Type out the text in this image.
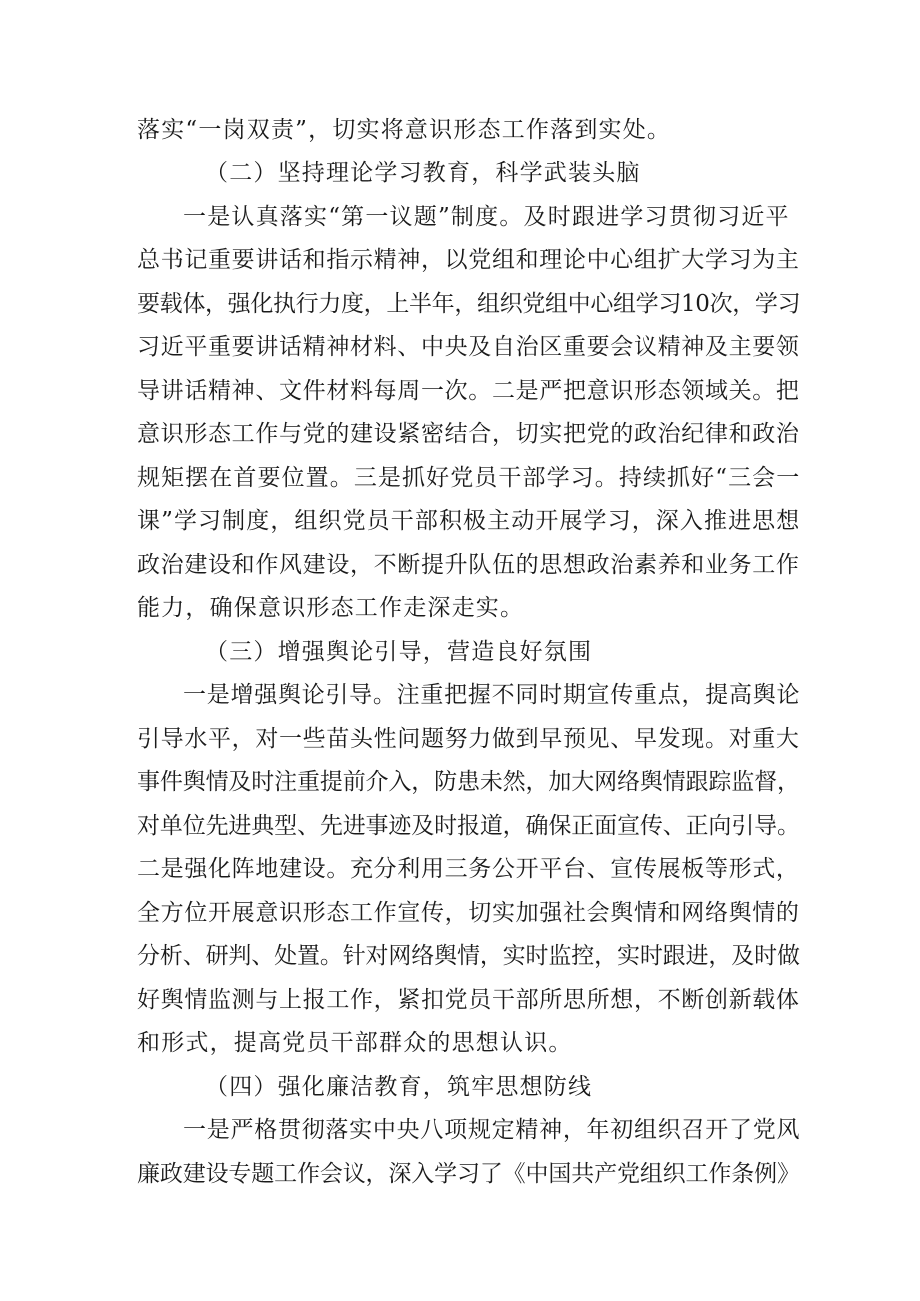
落实“一岗双责”，切实将意识形态工作落到实处。
（二）坚持理论学习教育，科学武装头脑
一是认真落实“第一议题”制度。及时跟进学习贯彻习近平
总书记重要讲话和指示精神，以党组和理论中心组扩大学习为主
要载体，强化执行力度，上半年，组织党组中心组学习10次，学习
习近平重要讲话精神材料、中央及自治区重要会议精神及主要领
导讲话精神、文件材料每周一次。二是严把意识形态领域关。把
意识形态工作与党的建设紧密结合，切实把党的政治纪律和政治
规矩摆在首要位置。三是抓好党员干部学习。持续抓好“三会一
课”学习制度，组织党员干部积极主动开展学习，深入推进思想
政治建设和作风建设，不断提升队伍的思想政治素养和业务工作
能力，确保意识形态工作走深走实。
（三）增强舆论引导，营造良好氛围
一是增强舆论引导。注重把握不同时期宣传重点，提高舆论
引导水平，对一些苗头性问题努力做到早预见、早发现。对重大
事件舆情及时注重提前介入，防患未然，加大网络舆情跟踪监督，
对单位先进典型、先进事迹及时报道，确保正面宣传、正向引导。
二是强化阵地建设。充分利用三务公开平台、宣传展板等形式，
全方位开展意识形态工作宣传，切实加强社会舆情和网络舆情的
分析、研判、处置。针对网络舆情，实时监控，实时跟进，及时做
好舆情监测与上报工作，紧扣党员干部所思所想，不断创新载体
和形式，提高党员干部群众的思想认识。
（四）强化廉洁教育，筑牢思想防线
一是严格贯彻落实中央八项规定精神，年初组织召开了党风
廉政建设专题工作会议，深入学习了《中国共产党组织工作条例》
